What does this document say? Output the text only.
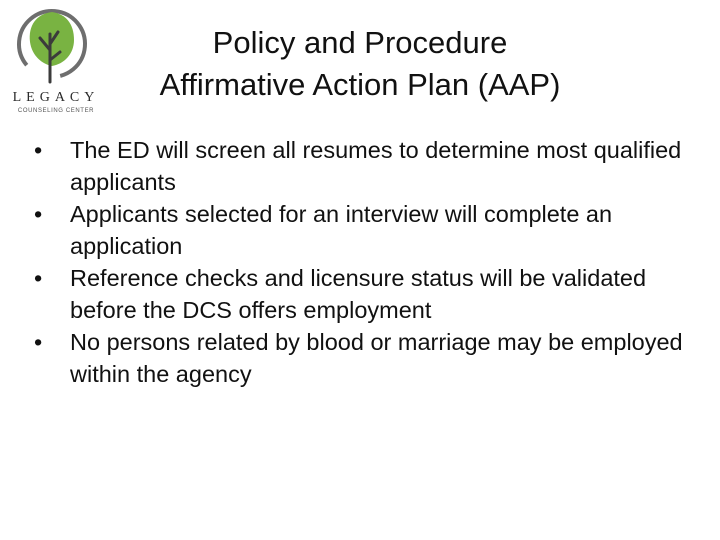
LEGACY
COUNSELING CENTER
Policy and Procedure
Affirmative Action Plan (AAP)
•	The ED will screen all resumes to determine most qualified applicants
•	Applicants selected for an interview will complete an application
•	Reference checks and licensure status will be validated before the DCS offers employment
•	No persons related by blood or marriage may be employed within the agency
